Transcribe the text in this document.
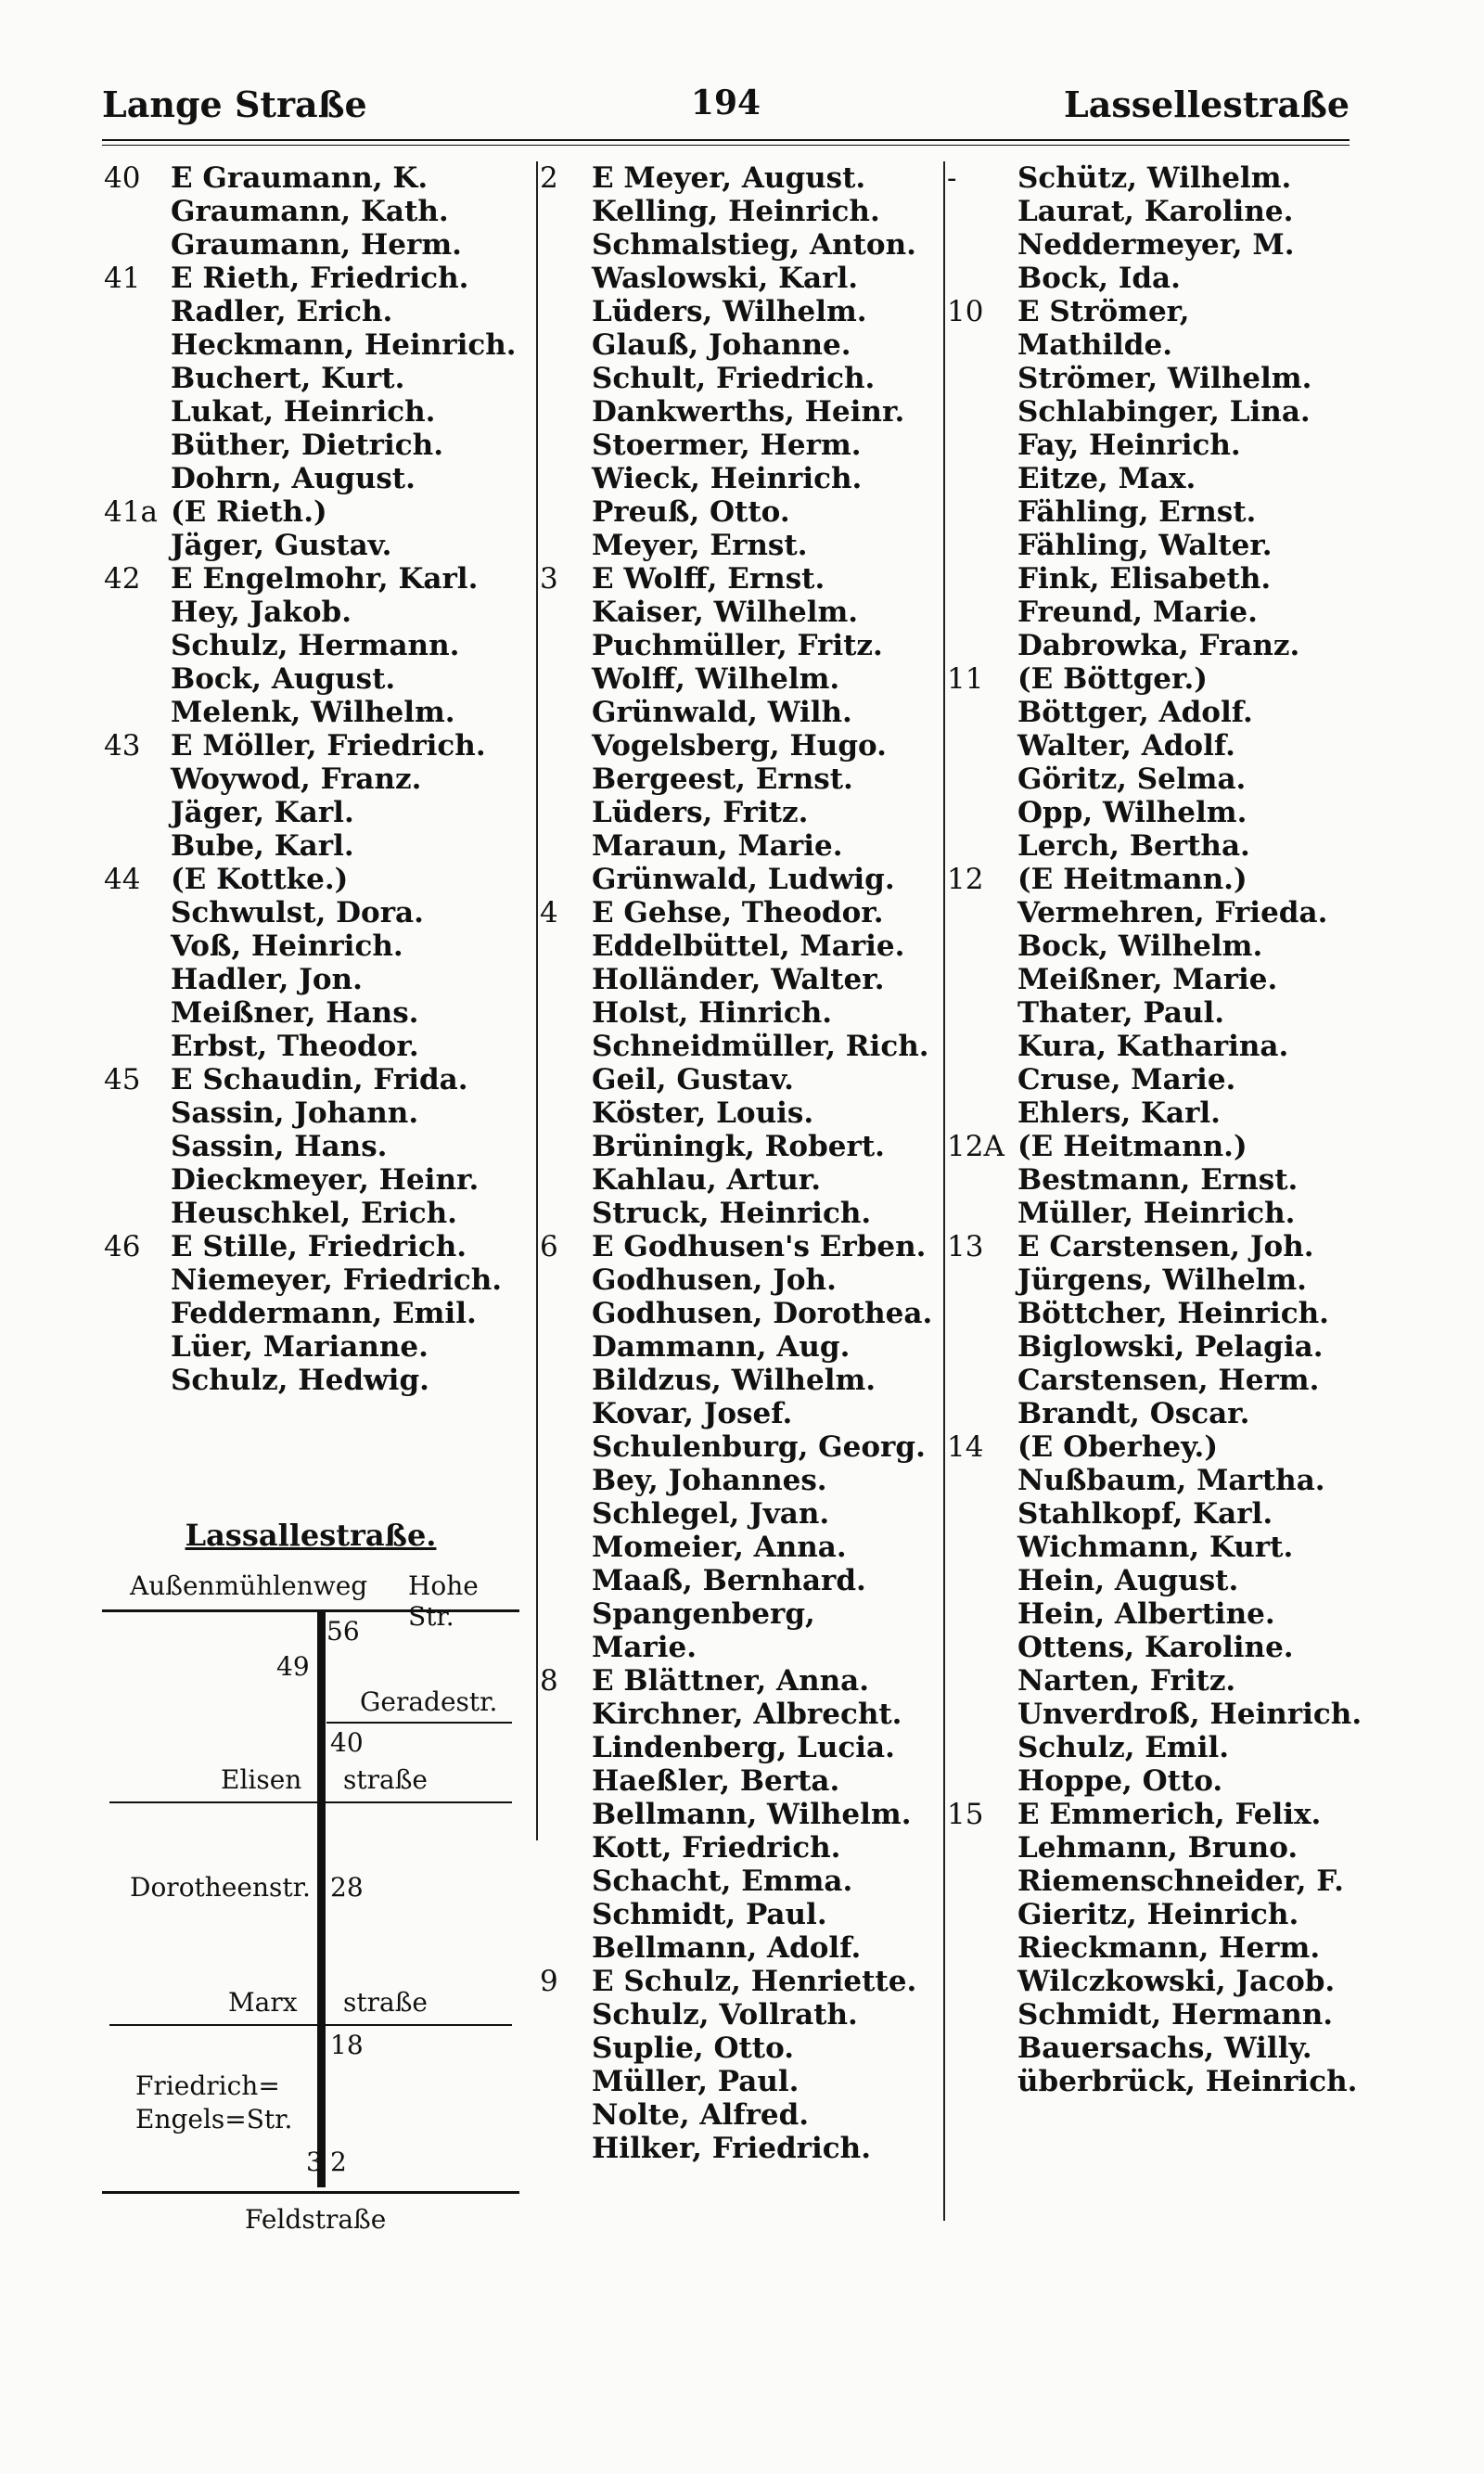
Lange Straße	194	Lassellestraße
40 E Graumann, K.
Graumann, Kath.
Graumann, Herm.
41 E Rieth, Friedrich.
Radler, Erich.
Heckmann, Heinrich.
Buchert, Kurt.
Lukat, Heinrich.
Büther, Dietrich.
Dohrn, August.
41a (E Rieth.)
Jäger, Gustav.
42 E Engelmohr, Karl.
Hey, Jakob.
Schulz, Hermann.
Bock, August.
Melenk, Wilhelm.
43 E Möller, Friedrich.
Woywod, Franz.
Jäger, Karl.
Bube, Karl.
44 (E Kottke.)
Schwulst, Dora.
Voß, Heinrich.
Hadler, Jon.
Meißner, Hans.
Erbst, Theodor.
45 E Schaudin, Frida.
Sassin, Johann.
Sassin, Hans.
Dieckmeyer, Heinr.
Heuschkel, Erich.
46 E Stille, Friedrich.
Niemeyer, Friedrich.
Feddermann, Emil.
Lüer, Marianne.
Schulz, Hedwig.
2 E Meyer, August.
Kelling, Heinrich.
Schmalstieg, Anton.
Waslowski, Karl.
Lüders, Wilhelm.
Glauß, Johanne.
Schult, Friedrich.
Dankwerths, Heinr.
Stoermer, Herm.
Wieck, Heinrich.
Preuß, Otto.
Meyer, Ernst.
3 E Wolff, Ernst.
Kaiser, Wilhelm.
Puchmüller, Fritz.
Wolff, Wilhelm.
Grünwald, Wilh.
Vogelsberg, Hugo.
Bergeest, Ernst.
Lüders, Fritz.
Maraun, Marie.
Grünwald, Ludwig.
4 E Gehse, Theodor.
Eddelbüttel, Marie.
Holländer, Walter.
Holst, Hinrich.
Schneidmüller, Rich.
Geil, Gustav.
Köster, Louis.
Brüningk, Robert.
Kahlau, Artur.
Struck, Heinrich.
6 E Godhusen's Erben.
Godhusen, Joh.
Godhusen, Dorothea.
Dammann, Aug.
Bildzus, Wilhelm.
Kovar, Josef.
Schulenburg, Georg.
Bey, Johannes.
Schlegel, Jvan.
Momeier, Anna.
Maaß, Bernhard.
Spangenberg,
Marie.
8 E Blättner, Anna.
Kirchner, Albrecht.
Lindenberg, Lucia.
Haeßler, Berta.
Bellmann, Wilhelm.
Kott, Friedrich.
Schacht, Emma.
Schmidt, Paul.
Bellmann, Adolf.
9 E Schulz, Henriette.
Schulz, Vollrath.
Suplie, Otto.
Müller, Paul.
Nolte, Alfred.
Hilker, Friedrich.
- Schütz, Wilhelm.
Laurat, Karoline.
Neddermeyer, M.
Bock, Ida.
10 E Strömer,
Mathilde.
Strömer, Wilhelm.
Schlabinger, Lina.
Fay, Heinrich.
Eitze, Max.
Fähling, Ernst.
Fähling, Walter.
Fink, Elisabeth.
Freund, Marie.
Dabrowka, Franz.
11 (E Böttger.)
Böttger, Adolf.
Walter, Adolf.
Göritz, Selma.
Opp, Wilhelm.
Lerch, Bertha.
12 (E Heitmann.)
Vermehren, Frieda.
Bock, Wilhelm.
Meißner, Marie.
Thater, Paul.
Kura, Katharina.
Cruse, Marie.
Ehlers, Karl.
12A (E Heitmann.)
Bestmann, Ernst.
Müller, Heinrich.
13 E Carstensen, Joh.
Jürgens, Wilhelm.
Böttcher, Heinrich.
Biglowski, Pelagia.
Carstensen, Herm.
Brandt, Oscar.
14 (E Oberhey.)
Nußbaum, Martha.
Stahlkopf, Karl.
Wichmann, Kurt.
Hein, August.
Hein, Albertine.
Ottens, Karoline.
Narten, Fritz.
Unverdroß, Heinrich.
Schulz, Emil.
Hoppe, Otto.
15 E Emmerich, Felix.
Lehmann, Bruno.
Riemenschneider, F.
Gieritz, Heinrich.
Rieckmann, Herm.
Wilczkowski, Jacob.
Schmidt, Hermann.
Bauersachs, Willy.
überbrück, Heinrich.
Lassallestraße.
Außenmühlenweg Hohe Str.
56
49
Geradestr.
40
Elisen straße
Dorotheenstr. 28
Marx straße
18
Friedrich=
Engels=Str.
3 2
Feldstraße
